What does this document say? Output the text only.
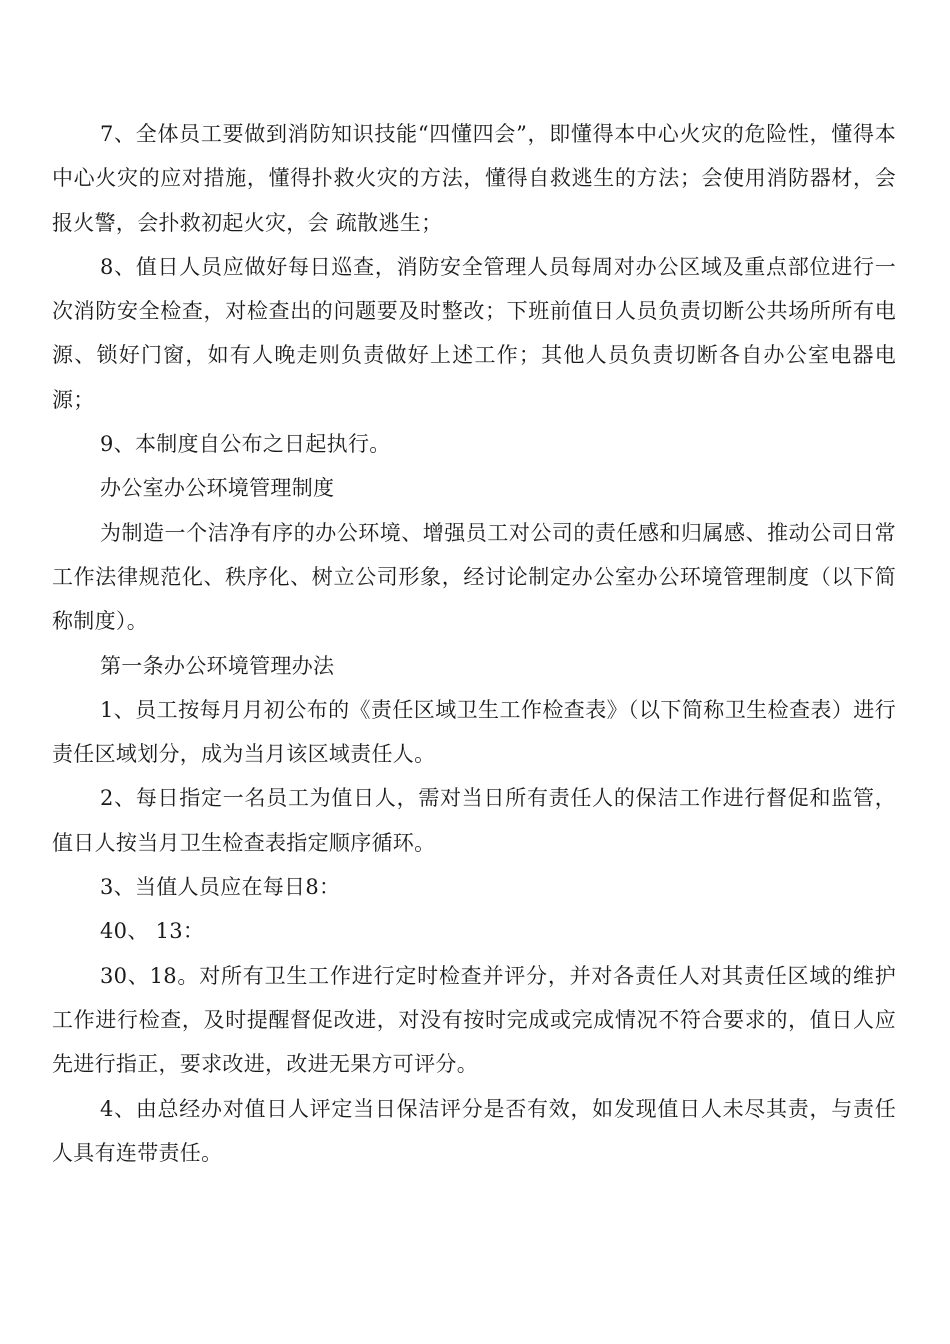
7、全体员工要做到消防知识技能“四懂四会”，即懂得本中心火灾的危险性，懂得本中心火灾的应对措施，懂得扑救火灾的方法，懂得自救逃生的方法；会使用消防器材，会报火警，会扑救初起火灾，会 疏散逃生；

8、值日人员应做好每日巡查，消防安全管理人员每周对办公区域及重点部位进行一次消防安全检查，对检查出的问题要及时整改；下班前值日人员负责切断公共场所所有电源、锁好门窗，如有人晚走则负责做好上述工作；其他人员负责切断各自办公室电器电源；

9、本制度自公布之日起执行。

办公室办公环境管理制度

为制造一个洁净有序的办公环境、增强员工对公司的责任感和归属感、推动公司日常工作法律规范化、秩序化、树立公司形象，经讨论制定办公室办公环境管理制度（以下简称制度）。

第一条办公环境管理办法

1、员工按每月月初公布的《责任区域卫生工作检查表》（以下简称卫生检查表）进行责任区域划分，成为当月该区域责任人。

2、每日指定一名员工为值日人，需对当日所有责任人的保洁工作进行督促和监管，值日人按当月卫生检查表指定顺序循环。

3、当值人员应在每日8：

40、 13：

30、18。对所有卫生工作进行定时检查并评分，并对各责任人对其责任区域的维护工作进行检查，及时提醒督促改进，对没有按时完成或完成情况不符合要求的，值日人应先进行指正，要求改进，改进无果方可评分。

4、由总经办对值日人评定当日保洁评分是否有效，如发现值日人未尽其责，与责任人具有连带责任。
